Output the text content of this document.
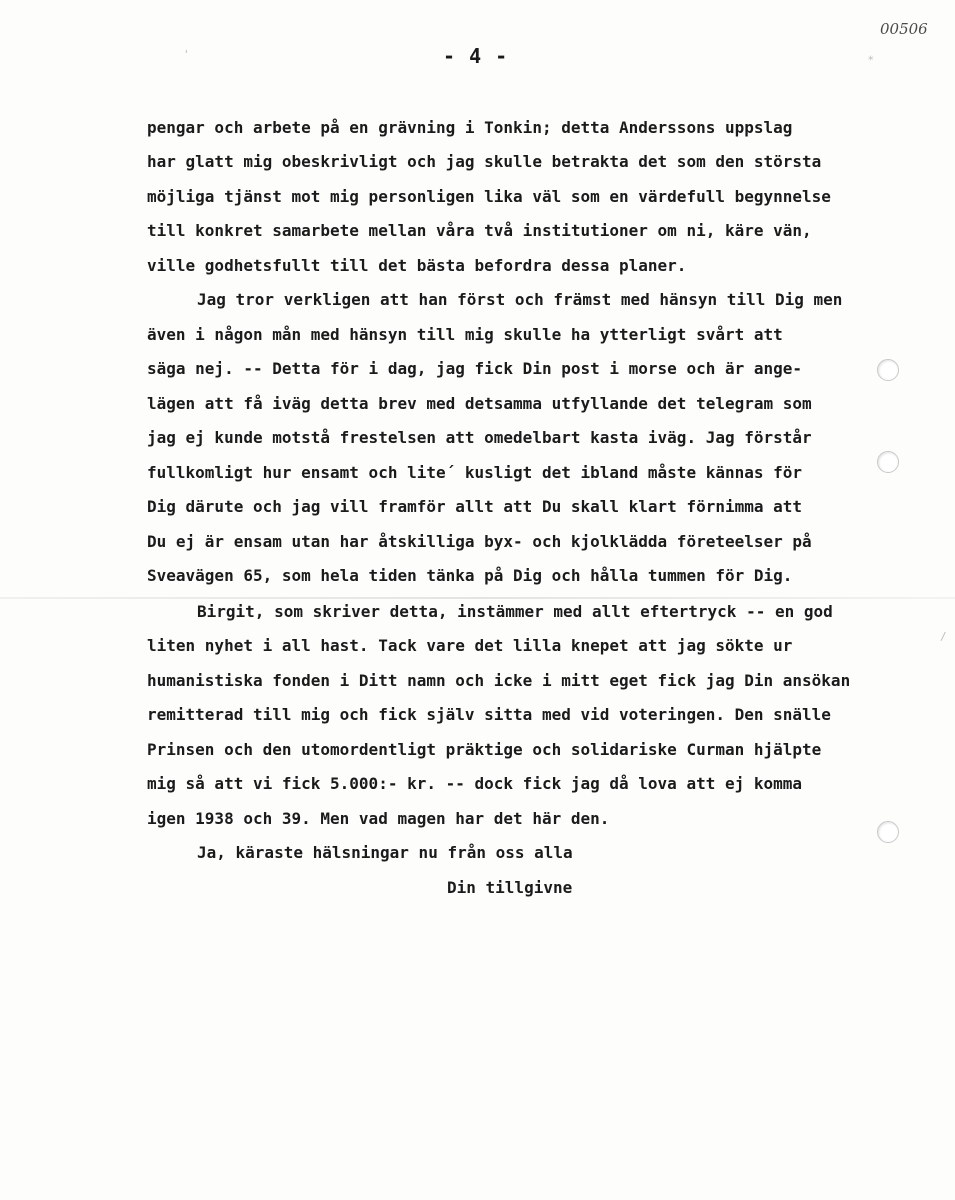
'	⁎
/
00506
- 4 -
pengar och arbete på en grävning i Tonkin; detta Anderssons uppslag
har glatt mig obeskrivligt och jag skulle betrakta det som den största
möjliga tjänst mot mig personligen lika väl som en värdefull begynnelse
till konkret samarbete mellan våra två institutioner om ni, käre vän,
ville godhetsfullt till det bästa befordra dessa planer.
Jag tror verkligen att han först och främst med hänsyn till Dig men
även i någon mån med hänsyn till mig skulle ha ytterligt svårt att
säga nej. -- Detta för i dag, jag fick Din post i morse och är ange-
lägen att få iväg detta brev med detsamma utfyllande det telegram som
jag ej kunde motstå frestelsen att omedelbart kasta iväg. Jag förstår
fullkomligt hur ensamt och lite´ kusligt det ibland måste kännas för
Dig därute och jag vill framför allt att Du skall klart förnimma att
Du ej är ensam utan har åtskilliga byx- och kjolklädda företeelser på
Sveavägen 65, som hela tiden tänka på Dig och hålla tummen för Dig.
Birgit, som skriver detta, instämmer med allt eftertryck -- en god
liten nyhet i all hast. Tack vare det lilla knepet att jag sökte ur
humanistiska fonden i Ditt namn och icke i mitt eget fick jag Din ansökan
remitterad till mig och fick själv sitta med vid voteringen. Den snälle
Prinsen och den utomordentligt präktige och solidariske Curman hjälpte
mig så att vi fick 5.000:- kr. -- dock fick jag då lova att ej komma
igen 1938 och 39. Men vad magen har det här den.
Ja, käraste hälsningar nu från oss alla
Din tillgivne
